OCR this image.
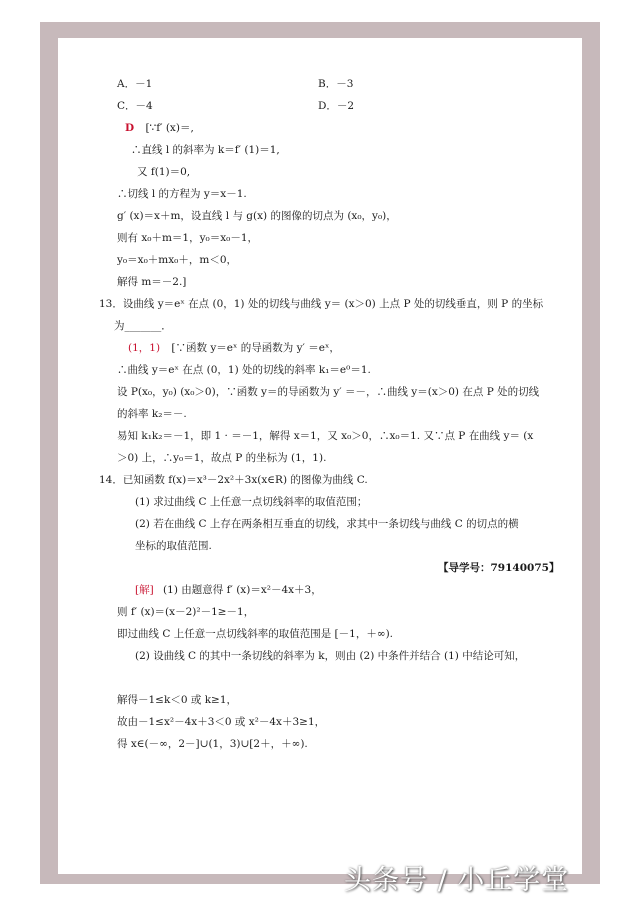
A．－1	B．－3
C．－4	D．－2
D [∵f′ (x)＝,
∴直线 l 的斜率为 k＝f′ (1)＝1,
又 f(1)＝0,
∴切线 l 的方程为 y＝x－1.
g′ (x)＝x＋m，设直线 l 与 g(x) 的图像的切点为 (x₀，y₀)，
则有 x₀＋m＝1，y₀＝x₀－1，
y₀＝x₀＋mx₀＋，m＜0，
解得 m＝－2.]
13．设曲线 y＝eˣ 在点 (0，1) 处的切线与曲线 y＝ (x＞0) 上点 P 处的切线垂直，则 P 的坐标
为_______．
(1，1) [∵函数 y＝eˣ 的导函数为 y′ ＝eˣ，
∴曲线 y＝eˣ 在点 (0，1) 处的切线的斜率 k₁＝e⁰＝1.
设 P(x₀，y₀) (x₀＞0)，∵函数 y＝的导函数为 y′ ＝－，∴曲线 y＝(x＞0) 在点 P 处的切线
的斜率 k₂＝－.
易知 k₁k₂＝－1，即 1 · ＝－1，解得 x＝1，又 x₀＞0，∴x₀＝1. 又∵点 P 在曲线 y＝ (x
＞0) 上，∴y₀＝1，故点 P 的坐标为 (1，1).
14．已知函数 f(x)＝x³－2x²＋3x(x∈R) 的图像为曲线 C.
(1) 求过曲线 C 上任意一点切线斜率的取值范围；
(2) 若在曲线 C 上存在两条相互垂直的切线，求其中一条切线与曲线 C 的切点的横
坐标的取值范围.
【导学号：79140075】
[解] (1) 由题意得 f′ (x)＝x²－4x＋3，
则 f′ (x)＝(x－2)²－1≥－1，
即过曲线 C 上任意一点切线斜率的取值范围是 [－1，＋∞).
(2) 设曲线 C 的其中一条切线的斜率为 k，则由 (2) 中条件并结合 (1) 中结论可知，
解得－1≤k＜0 或 k≥1，
故由－1≤x²－4x＋3＜0 或 x²－4x＋3≥1，
得 x∈(－∞，2－]∪(1，3)∪[2＋，＋∞).
头条号 / 小丘学堂
